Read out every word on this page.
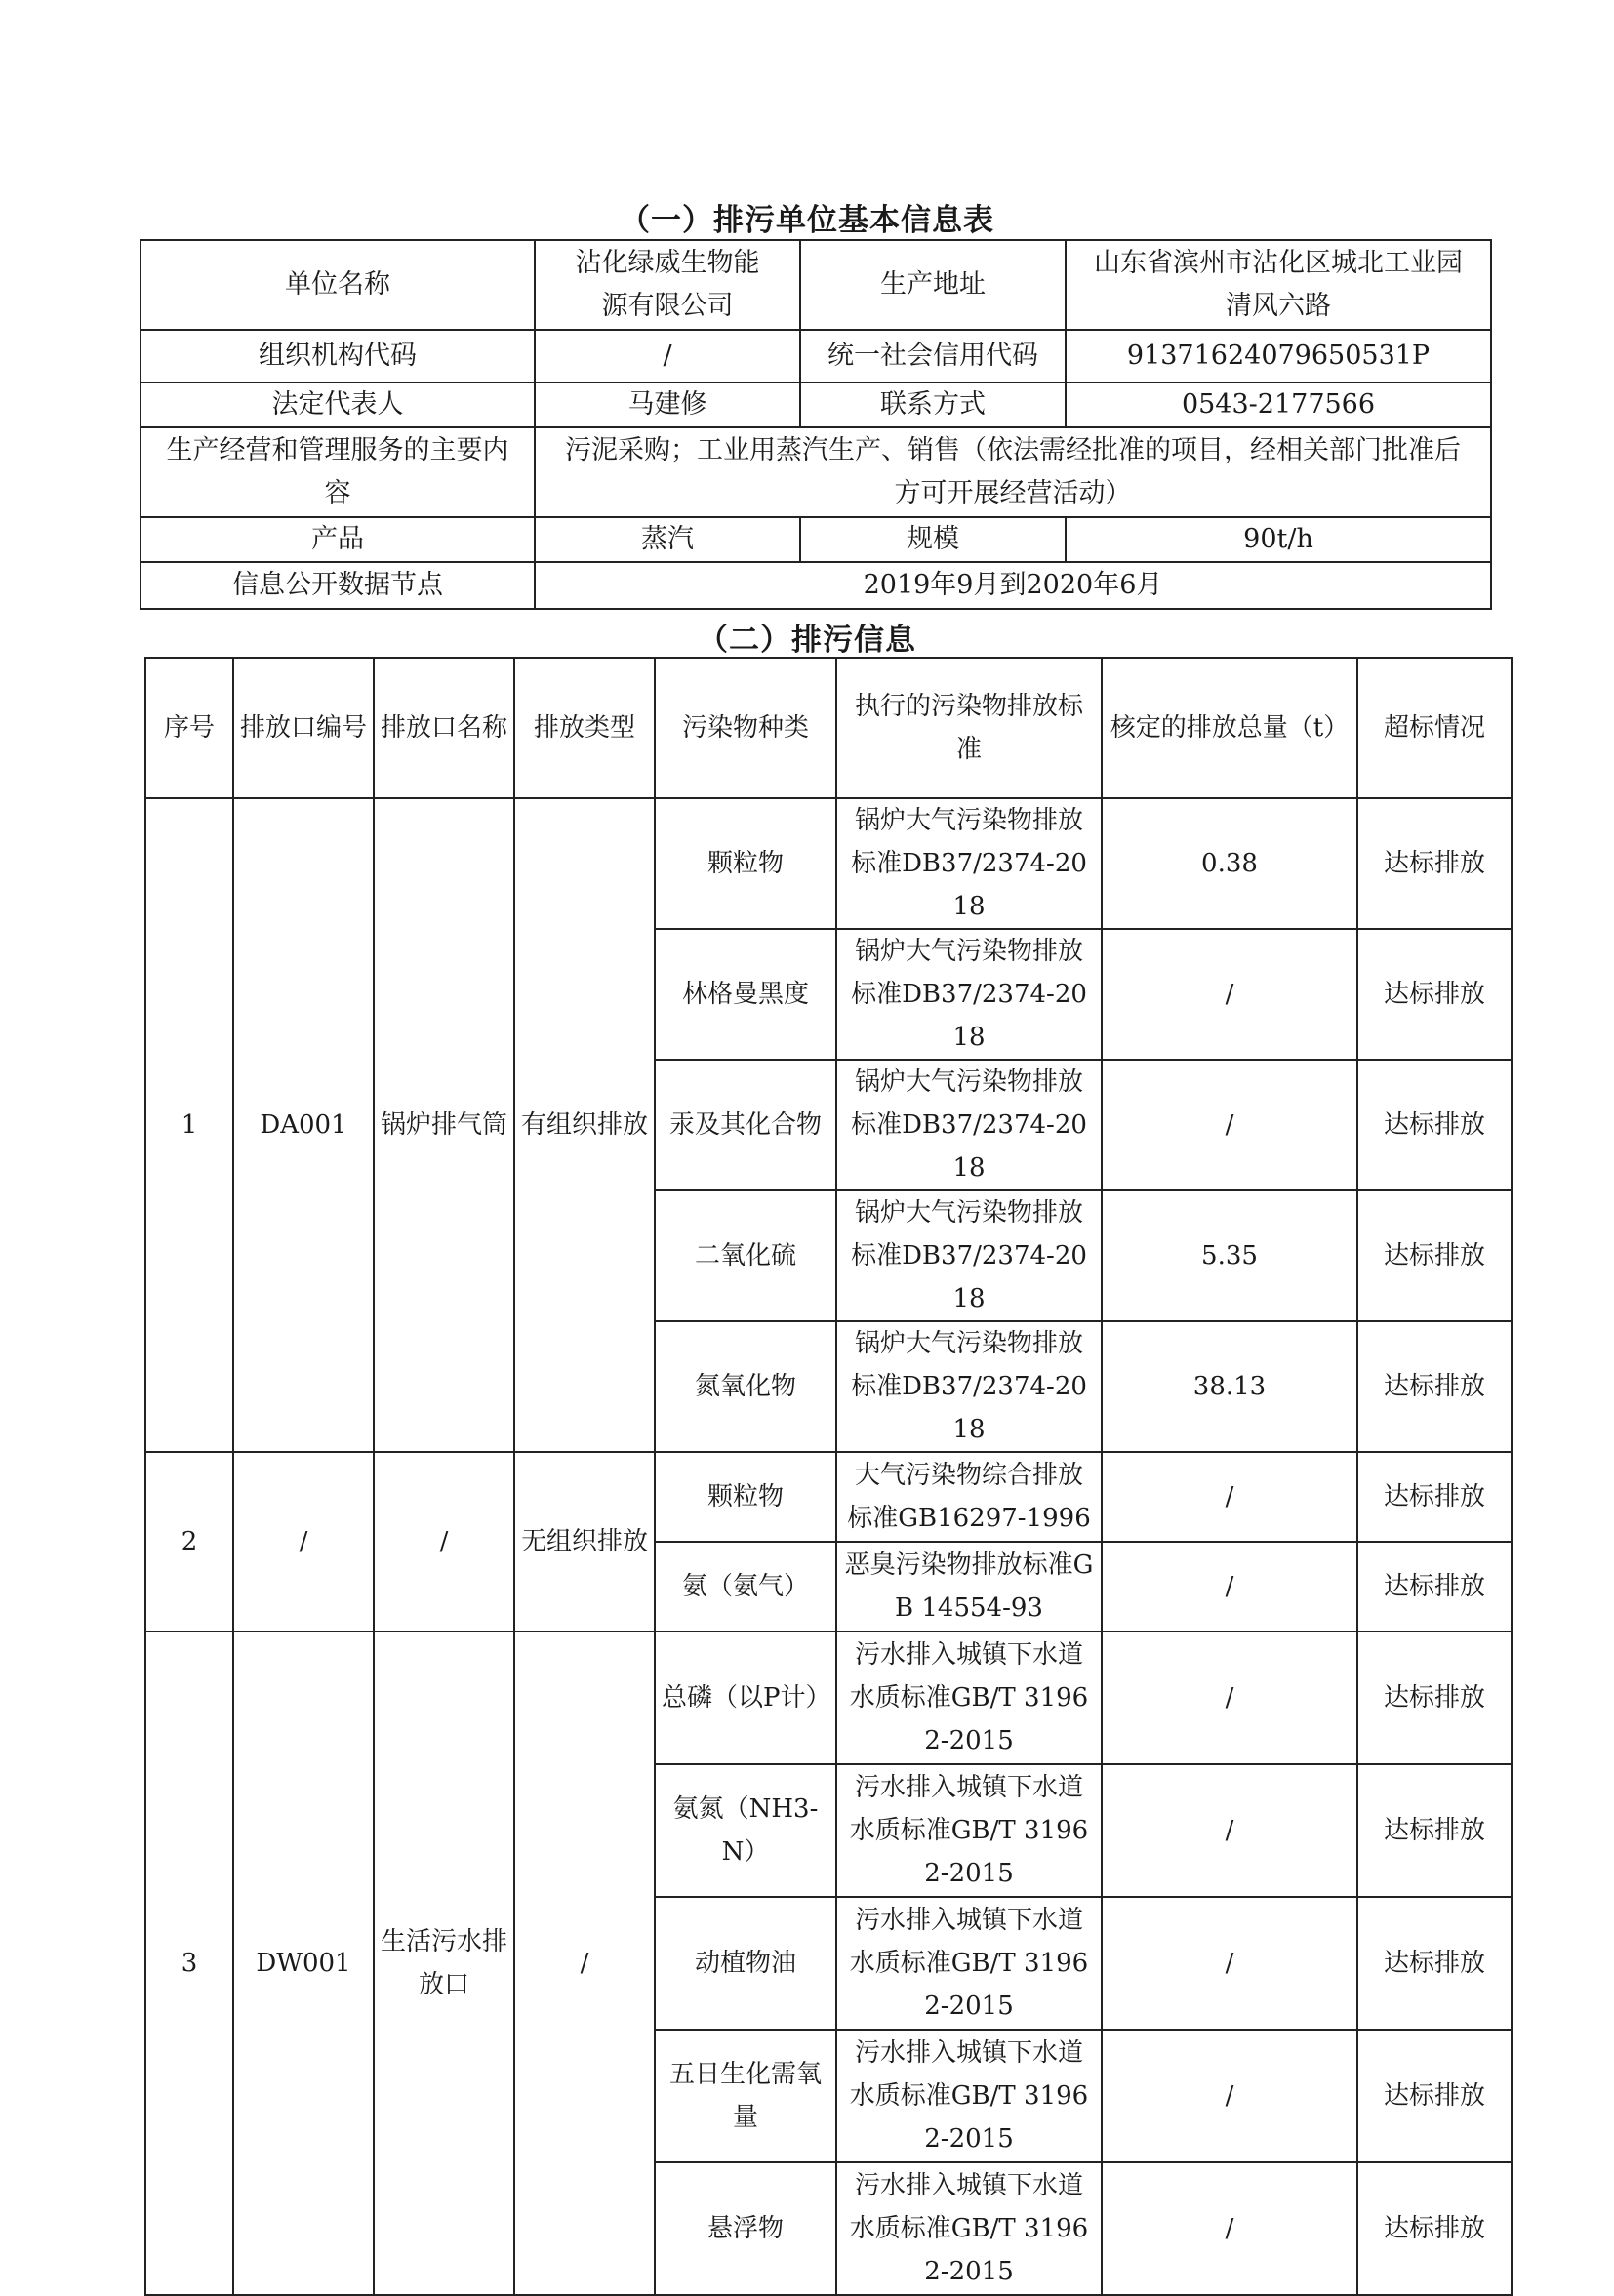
（一）排污单位基本信息表
单位名称	沾化绿威生物能源有限公司	生产地址	山东省滨州市沾化区城北工业园清风六路
组织机构代码	/	统一社会信用代码	91371624079650531P
法定代表人	马建修	联系方式	0543-2177566
生产经营和管理服务的主要内容	污泥采购；工业用蒸汽生产、销售（依法需经批准的项目，经相关部门批准后方可开展经营活动）		
产品	蒸汽	规模	90t/h
信息公开数据节点	2019年9月到2020年6月		
（二）排污信息
序号	排放口编号	排放口名称	排放类型	污染物种类	执行的污染物排放标准	核定的排放总量（t）	超标情况
1	DA001	锅炉排气筒	有组织排放	颗粒物	锅炉大气污染物排放标准DB37/2374-2018	0.38	达标排放
				林格曼黑度	锅炉大气污染物排放标准DB37/2374-2018	/	达标排放
				汞及其化合物	锅炉大气污染物排放标准DB37/2374-2018	/	达标排放
				二氧化硫	锅炉大气污染物排放标准DB37/2374-2018	5.35	达标排放
				氮氧化物	锅炉大气污染物排放标准DB37/2374-2018	38.13	达标排放
2	/	/	无组织排放	颗粒物	大气污染物综合排放标准GB16297-1996	/	达标排放
				氨（氨气）	恶臭污染物排放标准GB 14554-93	/	达标排放
3	DW001	生活污水排放口	/	总磷（以P计）	污水排入城镇下水道水质标准GB/T 31962-2015	/	达标排放
				氨氮（NH3-N）	污水排入城镇下水道水质标准GB/T 31962-2015	/	达标排放
				动植物油	污水排入城镇下水道水质标准GB/T 31962-2015	/	达标排放
				五日生化需氧量	污水排入城镇下水道水质标准GB/T 31962-2015	/	达标排放
				悬浮物	污水排入城镇下水道水质标准GB/T 31962-2015	/	达标排放
